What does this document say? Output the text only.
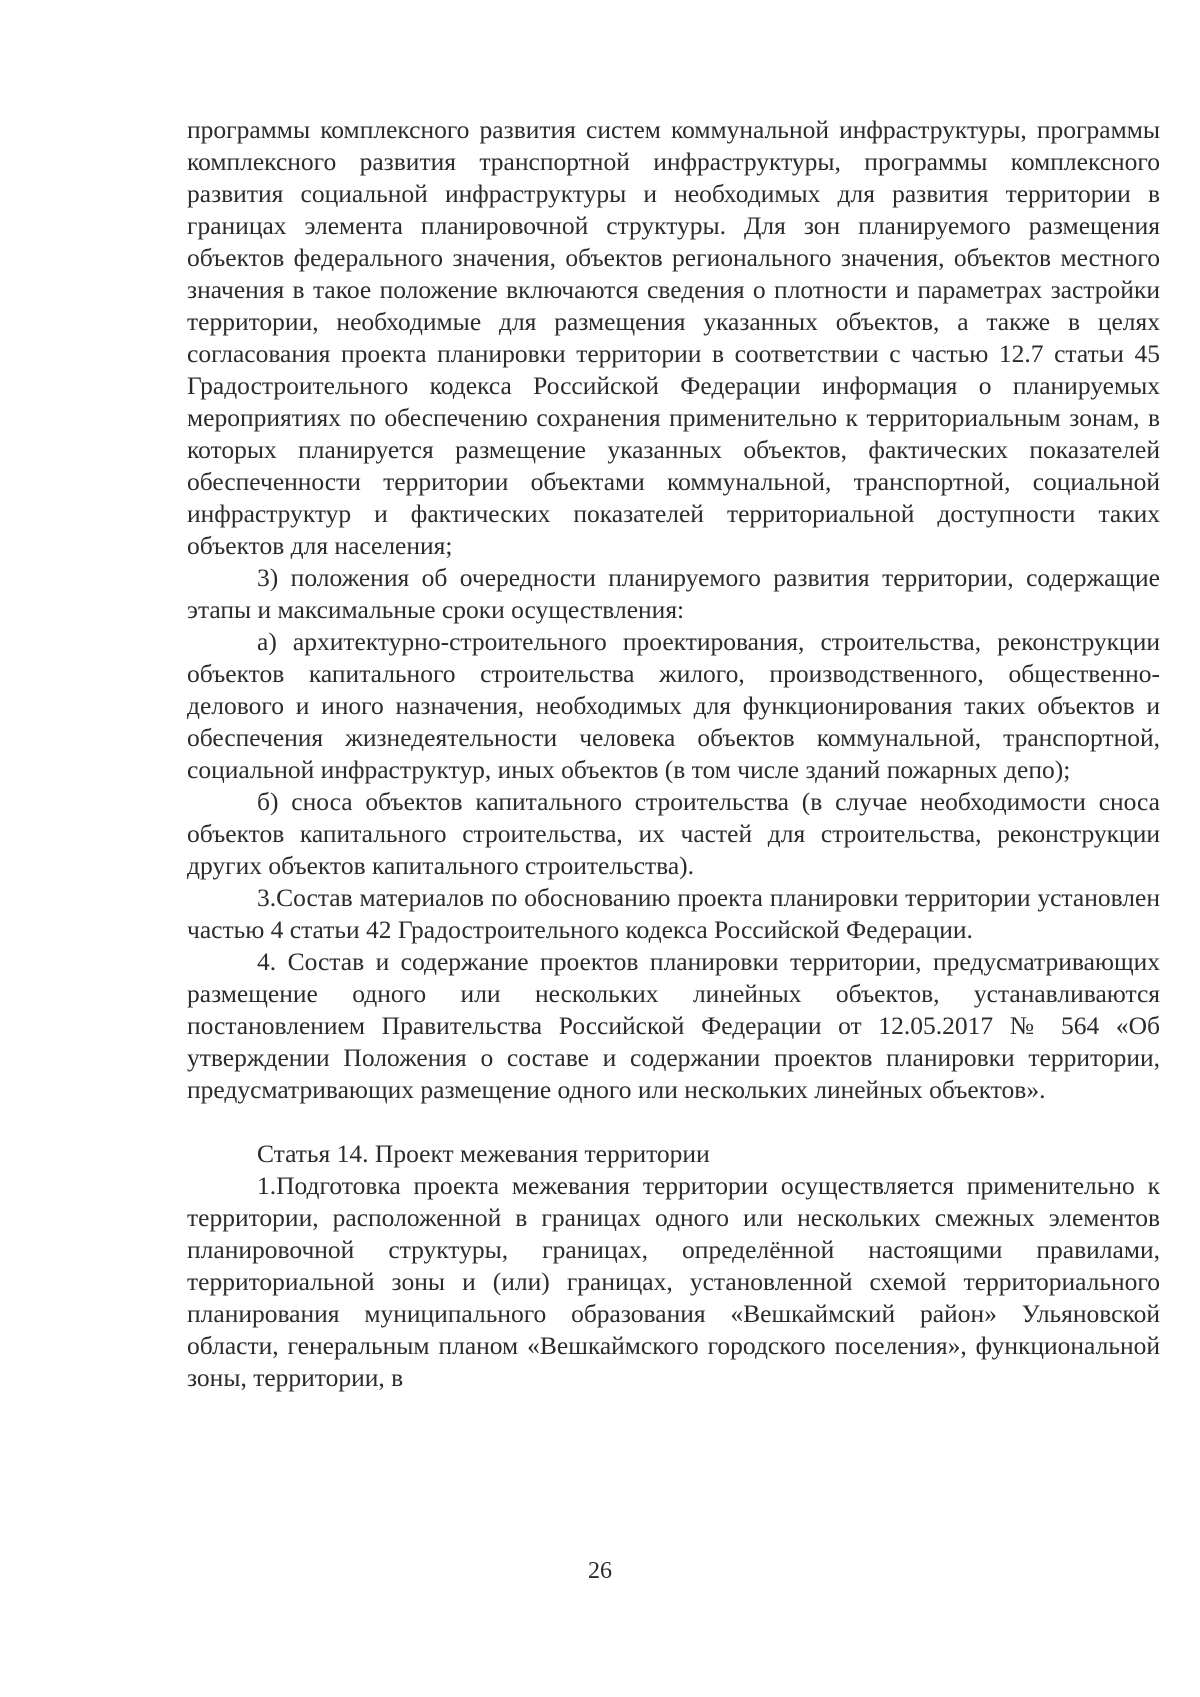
программы комплексного развития систем коммунальной инфраструктуры, программы комплексного развития транспортной инфраструктуры, программы комплексного развития социальной инфраструктуры и необходимых для развития территории в границах элемента планировочной структуры. Для зон планируемого размещения объектов федерального значения, объектов регионального значения, объектов местного значения в такое положение включаются сведения о плотности и параметрах застройки территории, необходимые для размещения указанных объектов, а также в целях согласования проекта планировки территории в соответствии с частью 12.7 статьи 45 Градостроительного кодекса Российской Федерации информация о планируемых мероприятиях по обеспечению сохранения применительно к территориальным зонам, в которых планируется размещение указанных объектов, фактических показателей обеспеченности территории объектами коммунальной, транспортной, социальной инфраструктур и фактических показателей территориальной доступности таких объектов для населения;

3) положения об очередности планируемого развития территории, содержащие этапы и максимальные сроки осуществления:

а) архитектурно-строительного проектирования, строительства, реконструкции объектов капитального строительства жилого, производственного, общественно-делового и иного назначения, необходимых для функционирования таких объектов и обеспечения жизнедеятельности человека объектов коммунальной, транспортной, социальной инфраструктур, иных объектов (в том числе зданий пожарных депо);

б) сноса объектов капитального строительства (в случае необходимости сноса объектов капитального строительства, их частей для строительства, реконструкции других объектов капитального строительства).

3.Состав материалов по обоснованию проекта планировки территории установлен частью 4 статьи 42 Градостроительного кодекса Российской Федерации.

4. Состав и содержание проектов планировки территории, предусматривающих размещение одного или нескольких линейных объектов, устанавливаются постановлением Правительства Российской Федерации от 12.05.2017 № 564 «Об утверждении Положения о составе и содержании проектов планировки территории, предусматривающих размещение одного или нескольких линейных объектов».

Статья 14. Проект межевания территории

1.Подготовка проекта межевания территории осуществляется применительно к территории, расположенной в границах одного или нескольких смежных элементов планировочной структуры, границах, определённой настоящими правилами, территориальной зоны и (или) границах, установленной схемой территориального планирования муниципального образования «Вешкаймский район» Ульяновской области, генеральным планом «Вешкаймского городского поселения», функциональной зоны, территории, в

26
